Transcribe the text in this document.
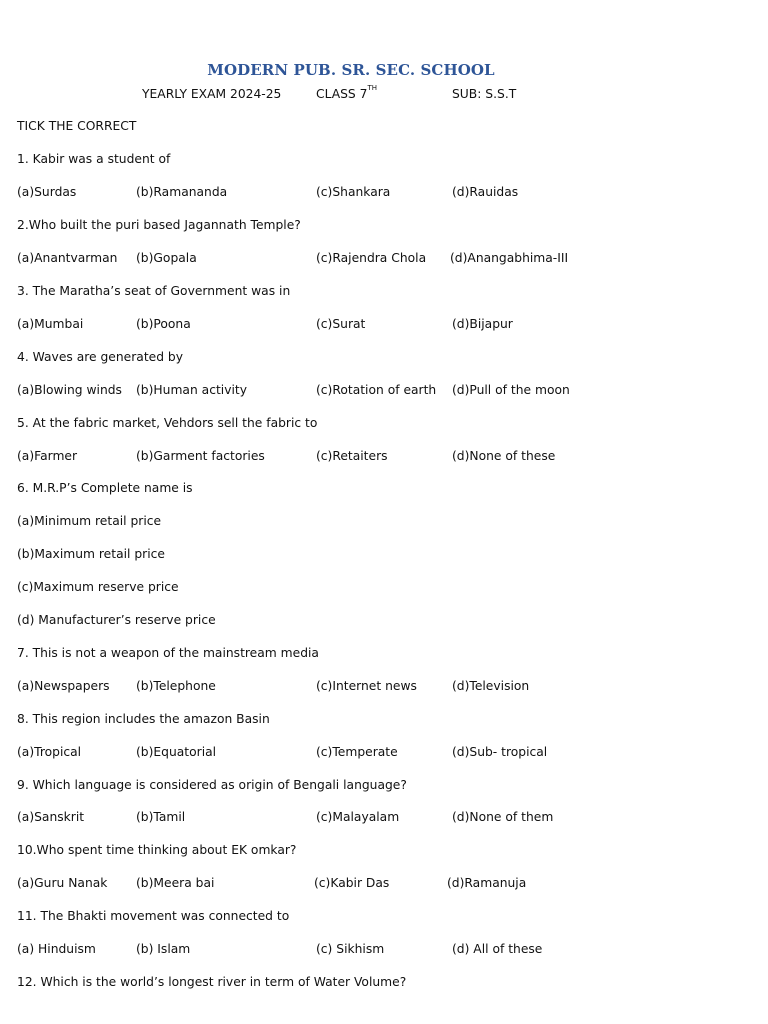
MODERN PUB. SR. SEC. SCHOOL
YEARLY EXAM 2024-25	CLASS 7TH	SUB: S.S.T
TICK THE CORRECT
1. Kabir was a student of
(a)Surdas	(b)Ramananda	(c)Shankara	(d)Rauidas
2.Who built the puri based Jagannath Temple?
(a)Anantvarman (b)Gopala	(c)Rajendra Chola (d)Anangabhima-III
3. The Maratha’s seat of Government was in
(a)Mumbai	(b)Poona	(c)Surat	(d)Bijapur
4. Waves are generated by
(a)Blowing winds (b)Human activity	(c)Rotation of earth (d)Pull of the moon
5. At the fabric market, Vehdors sell the fabric to
(a)Farmer	(b)Garment factories	(c)Retaiters	(d)None of these
6. M.R.P’s Complete name is
(a)Minimum retail price
(b)Maximum retail price
(c)Maximum reserve price
(d) Manufacturer’s reserve price
7. This is not a weapon of the mainstream media
(a)Newspapers (b)Telephone	(c)Internet news	(d)Television
8. This region includes the amazon Basin
(a)Tropical	(b)Equatorial	(c)Temperate	(d)Sub- tropical
9. Which language is considered as origin of Bengali language?
(a)Sanskrit	(b)Tamil	(c)Malayalam	(d)None of them
10.Who spent time thinking about EK omkar?
(a)Guru Nanak (b)Meera bai	(c)Kabir Das	(d)Ramanuja
11. The Bhakti movement was connected to
(a) Hinduism	(b) Islam	(c) Sikhism	(d) All of these
12. Which is the world’s longest river in term of Water Volume?
